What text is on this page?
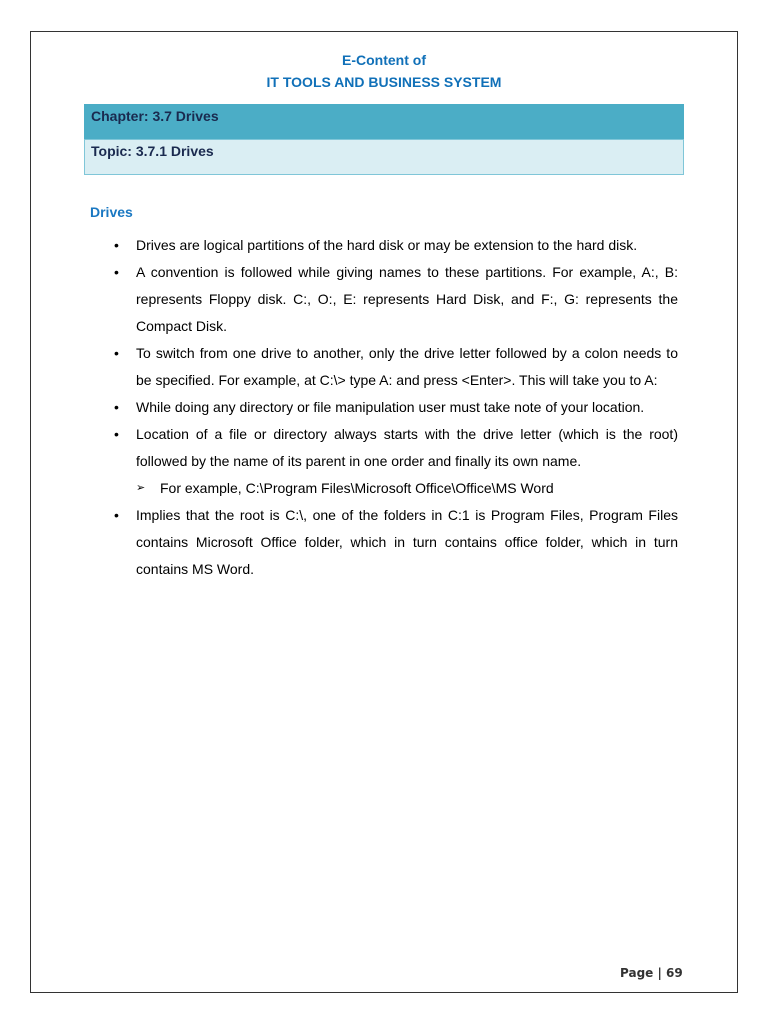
E-Content of
IT TOOLS AND BUSINESS SYSTEM
Chapter: 3.7 Drives
Topic: 3.7.1 Drives
Drives
• Drives are logical partitions of the hard disk or may be extension to the hard disk.
• A convention is followed while giving names to these partitions. For example, A:, B: represents Floppy disk. C:, O:, E: represents Hard Disk, and F:, G: represents the Compact Disk.
• To switch from one drive to another, only the drive letter followed by a colon needs to be specified. For example, at C:\> type A: and press <Enter>. This will take you to A:
• While doing any directory or file manipulation user must take note of your location.
• Location of a file or directory always starts with the drive letter (which is the root) followed by the name of its parent in one order and finally its own name.
➢ For example, C:\Program Files\Microsoft Office\Office\MS Word
• Implies that the root is C:\, one of the folders in C:1 is Program Files, Program Files contains Microsoft Office folder, which in turn contains office folder, which in turn contains MS Word.
Page | 69
